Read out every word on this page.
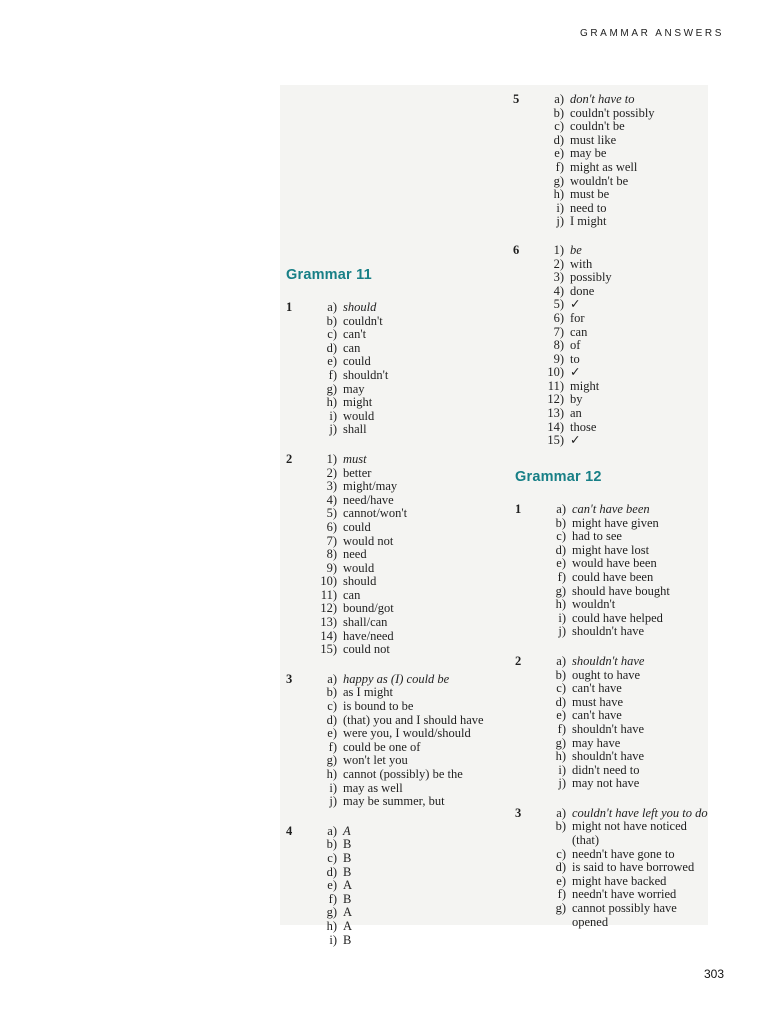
GRAMMAR ANSWERS
Grammar 11
1	a) should
b) couldn't
c) can't
d) can
e) could
f) shouldn't
g) may
h) might
i) would
j) shall
2	1) must
2) better
3) might/may
4) need/have
5) cannot/won't
6) could
7) would not
8) need
9) would
10) should
11) can
12) bound/got
13) shall/can
14) have/need
15) could not
3	a) happy as (I) could be
b) as I might
c) is bound to be
d) (that) you and I should have
e) were you, I would/should
f) could be one of
g) won't let you
h) cannot (possibly) be the
i) may as well
j) may be summer, but
4	a) A
b) B
c) B
d) B
e) A
f) B
g) A
h) A
i) B
5	a) don't have to
b) couldn't possibly
c) couldn't be
d) must like
e) may be
f) might as well
g) wouldn't be
h) must be
i) need to
j) I might
6	1) be
2) with
3) possibly
4) done
5) ✓
6) for
7) can
8) of
9) to
10) ✓
11) might
12) by
13) an
14) those
15) ✓
Grammar 12
1	a) can't have been
b) might have given
c) had to see
d) might have lost
e) would have been
f) could have been
g) should have bought
h) wouldn't
i) could have helped
j) shouldn't have
2	a) shouldn't have
b) ought to have
c) can't have
d) must have
e) can't have
f) shouldn't have
g) may have
h) shouldn't have
i) didn't need to
j) may not have
3	a) couldn't have left you to do
b) might not have noticed (that)
c) needn't have gone to
d) is said to have borrowed
e) might have backed
f) needn't have worried
g) cannot possibly have opened
303
